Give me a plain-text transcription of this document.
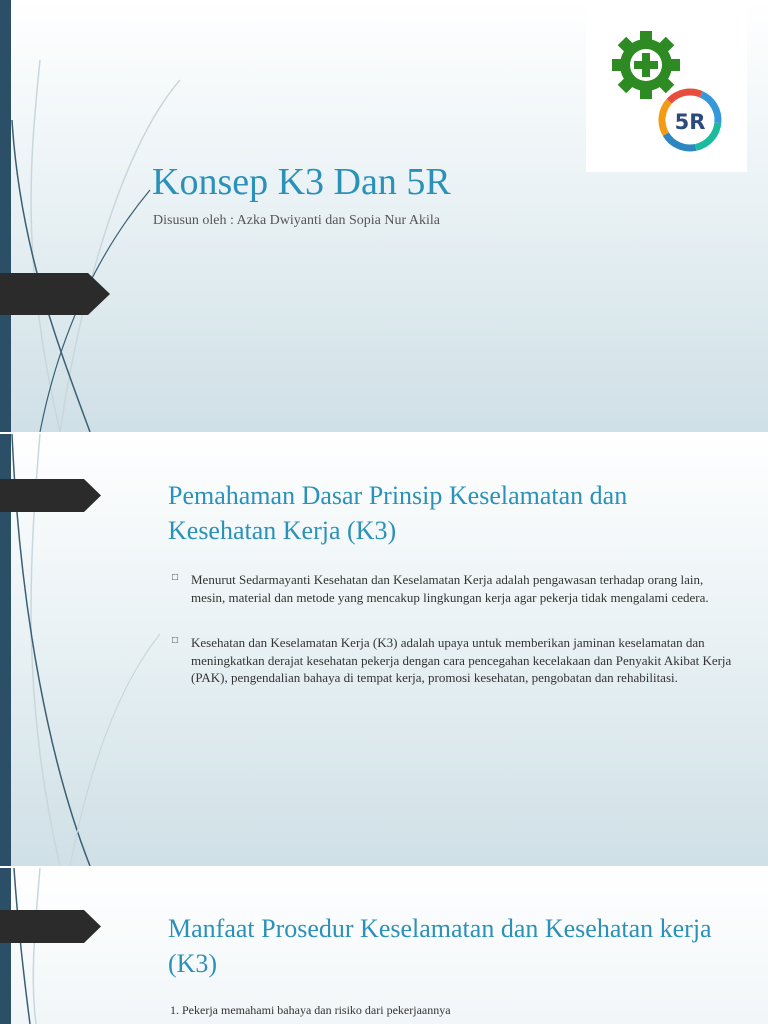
Konsep K3 Dan 5R

Disusun oleh : Azka Dwiyanti dan Sopia Nur Akila

5R
Pemahaman Dasar Prinsip Keselamatan dan Kesehatan Kerja (K3)
□ Menurut Sedarmayanti Kesehatan dan Keselamatan Kerja adalah pengawasan terhadap orang lain, mesin, material dan metode yang mencakup lingkungan kerja agar pekerja tidak mengalami cedera.
□ Kesehatan dan Keselamatan Kerja (K3) adalah upaya untuk memberikan jaminan keselamatan dan meningkatkan derajat kesehatan pekerja dengan cara pencegahan kecelakaan dan Penyakit Akibat Kerja (PAK), pengendalian bahaya di tempat kerja, promosi kesehatan, pengobatan dan rehabilitasi.
Manfaat Prosedur Keselamatan dan Kesehatan kerja (K3)

1. Pekerja memahami bahaya dan risiko dari pekerjaannya
